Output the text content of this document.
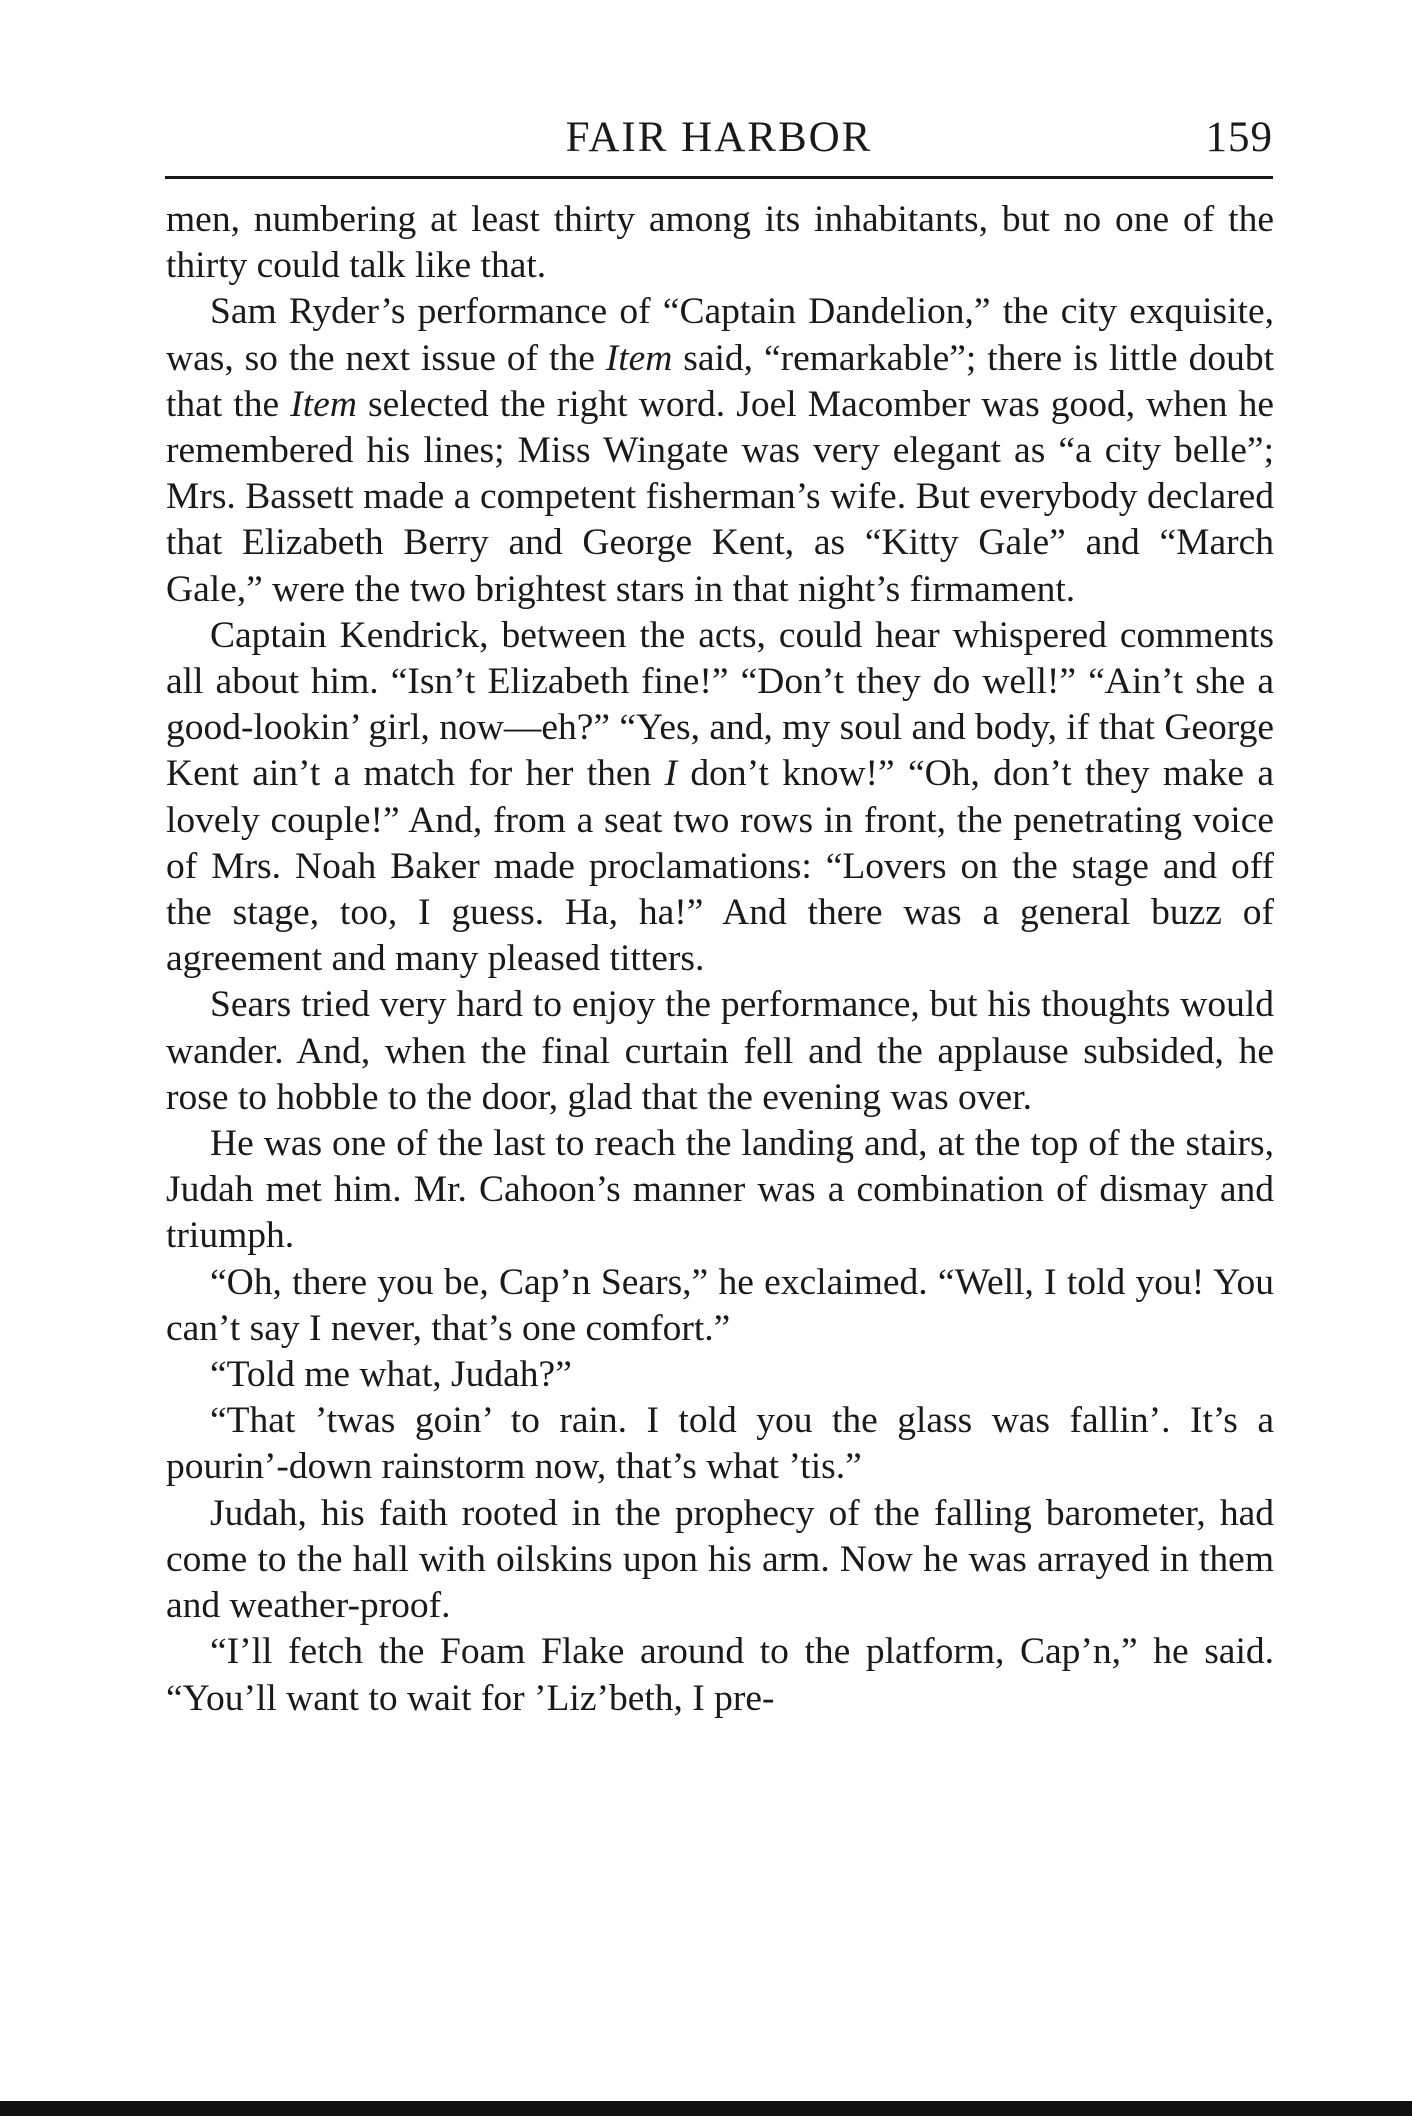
FAIR HARBOR	159

men, numbering at least thirty among its inhabitants, but no one of the thirty could talk like that.

Sam Ryder’s performance of “Captain Dandelion,” the city exquisite, was, so the next issue of the Item said, “remarkable”; there is little doubt that the Item selected the right word. Joel Macomber was good, when he remembered his lines; Miss Wingate was very elegant as “a city belle”; Mrs. Bassett made a competent fisherman’s wife. But everybody declared that Elizabeth Berry and George Kent, as “Kitty Gale” and “March Gale,” were the two brightest stars in that night’s firmament.

Captain Kendrick, between the acts, could hear whispered comments all about him. “Isn’t Elizabeth fine!” “Don’t they do well!” “Ain’t she a good-lookin’ girl, now—eh?” “Yes, and, my soul and body, if that George Kent ain’t a match for her then I don’t know!” “Oh, don’t they make a lovely couple!” And, from a seat two rows in front, the penetrating voice of Mrs. Noah Baker made proclamations: “Lovers on the stage and off the stage, too, I guess. Ha, ha!” And there was a general buzz of agreement and many pleased titters.

Sears tried very hard to enjoy the performance, but his thoughts would wander. And, when the final curtain fell and the applause subsided, he rose to hobble to the door, glad that the evening was over.

He was one of the last to reach the landing and, at the top of the stairs, Judah met him. Mr. Cahoon’s manner was a combination of dismay and triumph.

“Oh, there you be, Cap’n Sears,” he exclaimed. “Well, I told you! You can’t say I never, that’s one comfort.”

“Told me what, Judah?”

“That ’twas goin’ to rain. I told you the glass was fallin’. It’s a pourin’-down rainstorm now, that’s what ’tis.”

Judah, his faith rooted in the prophecy of the falling barometer, had come to the hall with oilskins upon his arm. Now he was arrayed in them and weather-proof.

“I’ll fetch the Foam Flake around to the platform, Cap’n,” he said. “You’ll want to wait for ’Liz’beth, I pre-
